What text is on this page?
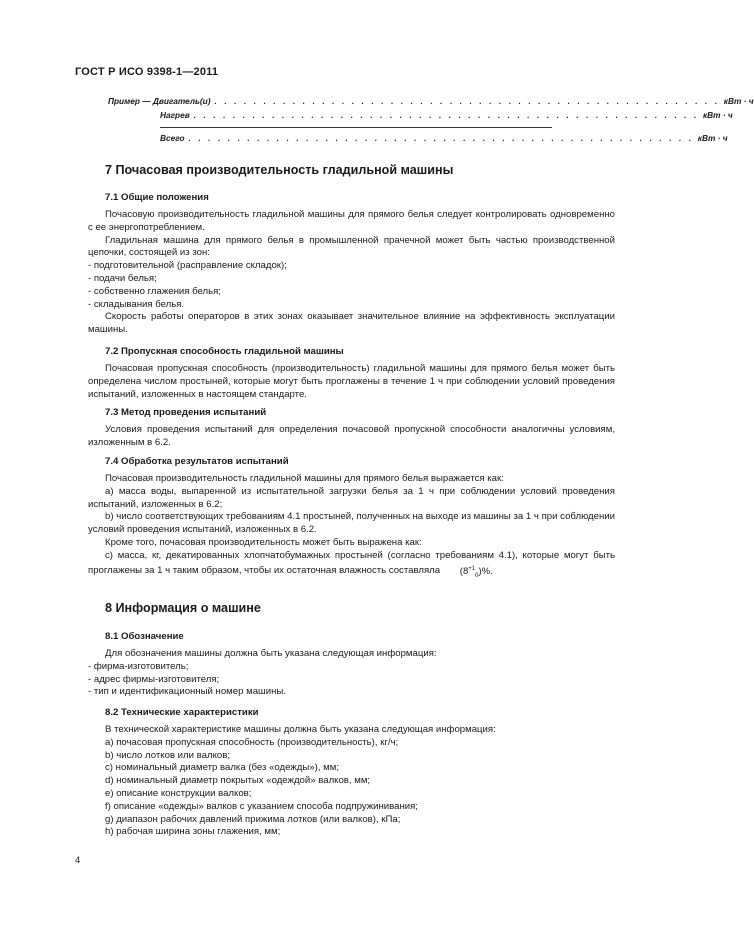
ГОСТ Р ИСО 9398-1—2011
Пример — Двигатель(и) . . . . . . . . . . . . . . . . . . . . . . . . . . . . . . . . . . . . . . . . . . . . . . . . . . . . кВт · ч
Нагрев . . . . . . . . . . . . . . . . . . . . . . . . . . . . . . . . . . . . . . . . . . . . . . . . . . . . кВт · ч
Всего . . . . . . . . . . . . . . . . . . . . . . . . . . . . . . . . . . . . . . . . . . . . . . . . . . . . кВт · ч
7 Почасовая производительность гладильной машины
7.1 Общие положения

Почасовую производительность гладильной машины для прямого белья следует контролировать одновременно с ее энергопотреблением.

Гладильная машина для прямого белья в промышленной прачечной может быть частью производственной цепочки, состоящей из зон:

- подготовительной (расправление складок);

- подачи белья;

- собственно глажения белья;

- складывания белья.

Скорость работы операторов в этих зонах оказывает значительное влияние на эффективность эксплуатации машины.

7.2 Пропускная способность гладильной машины

Почасовая пропускная способность (производительность) гладильной машины для прямого белья может быть определена числом простыней, которые могут быть проглажены в течение 1 ч при соблюдении условий проведения испытаний, изложенных в настоящем стандарте.

7.3 Метод проведения испытаний

Условия проведения испытаний для определения почасовой пропускной способности аналогичны условиям, изложенным в 6.2.

7.4 Обработка результатов испытаний

Почасовая производительность гладильной машины для прямого белья выражается как:

а) масса воды, выпаренной из испытательной загрузки белья за 1 ч при соблюдении условий проведения испытаний, изложенных в 6.2;

b) число соответствующих требованиям 4.1 простыней, полученных на выходе из машины за 1 ч при соблюдении условий проведения испытаний, изложенных в 6.2.

Кроме того, почасовая производительность может быть выражена как:

с) масса, кг, декатированных хлопчатобумажных простыней (согласно требованиям 4.1), которые могут быть проглажены за 1 ч таким образом, чтобы их остаточная влажность составляла $(8^{+1}_0)\%$.

8 Информация о машине
8.1 Обозначение

Для обозначения машины должна быть указана следующая информация:

- фирма-изготовитель;

- адрес фирмы-изготовителя;

- тип и идентификационный номер машины.

8.2 Технические характеристики

В технической характеристике машины должна быть указана следующая информация:

а) почасовая пропускная способность (производительность), кг/ч;

b) число лотков или валков;

с) номинальный диаметр валка (без «одежды»), мм;

d) номинальный диаметр покрытых «одеждой» валков, мм;

е) описание конструкции валков;

f) описание «одежды» валков с указанием способа подпружинивания;

g) диапазон рабочих давлений прижима лотков (или валков), кПа;

h) рабочая ширина зоны глажения, мм;

4
